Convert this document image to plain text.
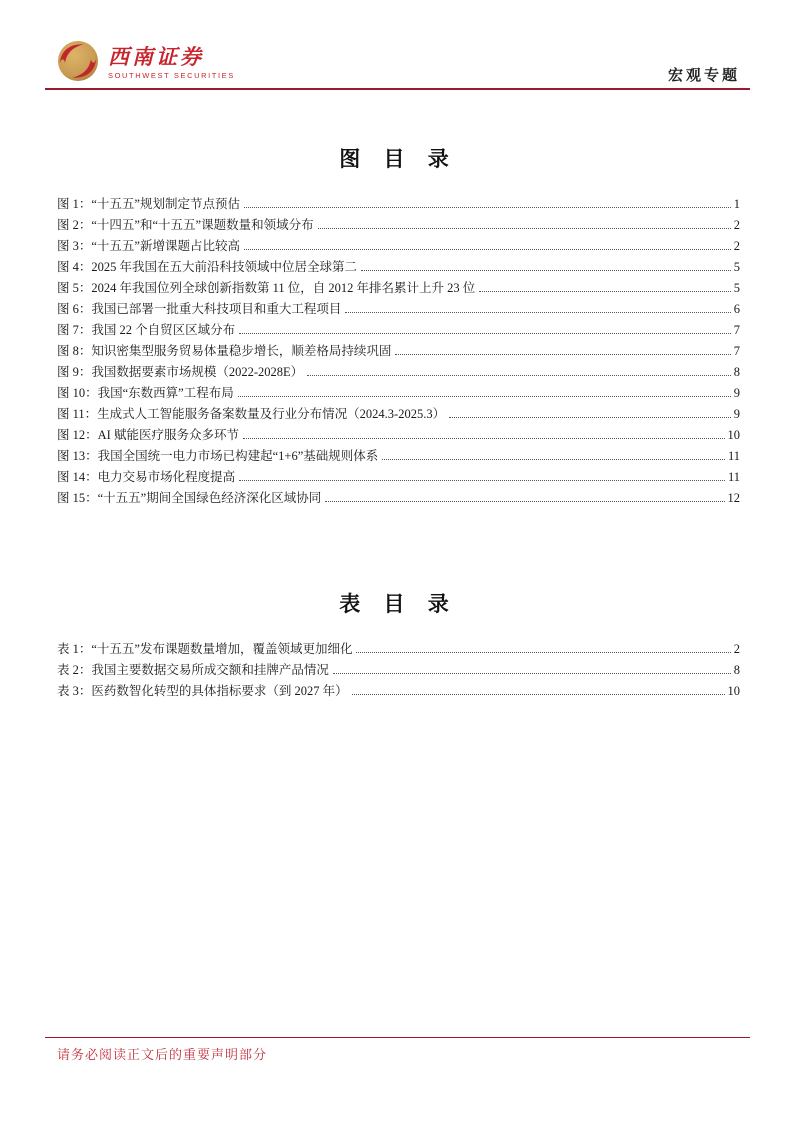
西南证券
SOUTHWEST SECURITIES	宏观专题
图 目 录
图 1：“十五五”规划制定节点预估	1
图 2：“十四五”和“十五五”课题数量和领域分布	2
图 3：“十五五”新增课题占比较高	2
图 4：2025 年我国在五大前沿科技领域中位居全球第二	5
图 5：2024 年我国位列全球创新指数第 11 位，自 2012 年排名累计上升 23 位	5
图 6：我国已部署一批重大科技项目和重大工程项目	6
图 7：我国 22 个自贸区区域分布	7
图 8：知识密集型服务贸易体量稳步增长，顺差格局持续巩固	7
图 9：我国数据要素市场规模（2022-2028E）	8
图 10：我国“东数西算”工程布局	9
图 11：生成式人工智能服务备案数量及行业分布情况（2024.3-2025.3）	9
图 12：AI 赋能医疗服务众多环节	10
图 13：我国全国统一电力市场已构建起“1+6”基础规则体系	11
图 14：电力交易市场化程度提高	11
图 15：“十五五”期间全国绿色经济深化区域协同	12
表 目 录
表 1：“十五五”发布课题数量增加，覆盖领域更加细化	2
表 2：我国主要数据交易所成交额和挂牌产品情况	8
表 3：医药数智化转型的具体指标要求（到 2027 年）	10
请务必阅读正文后的重要声明部分
